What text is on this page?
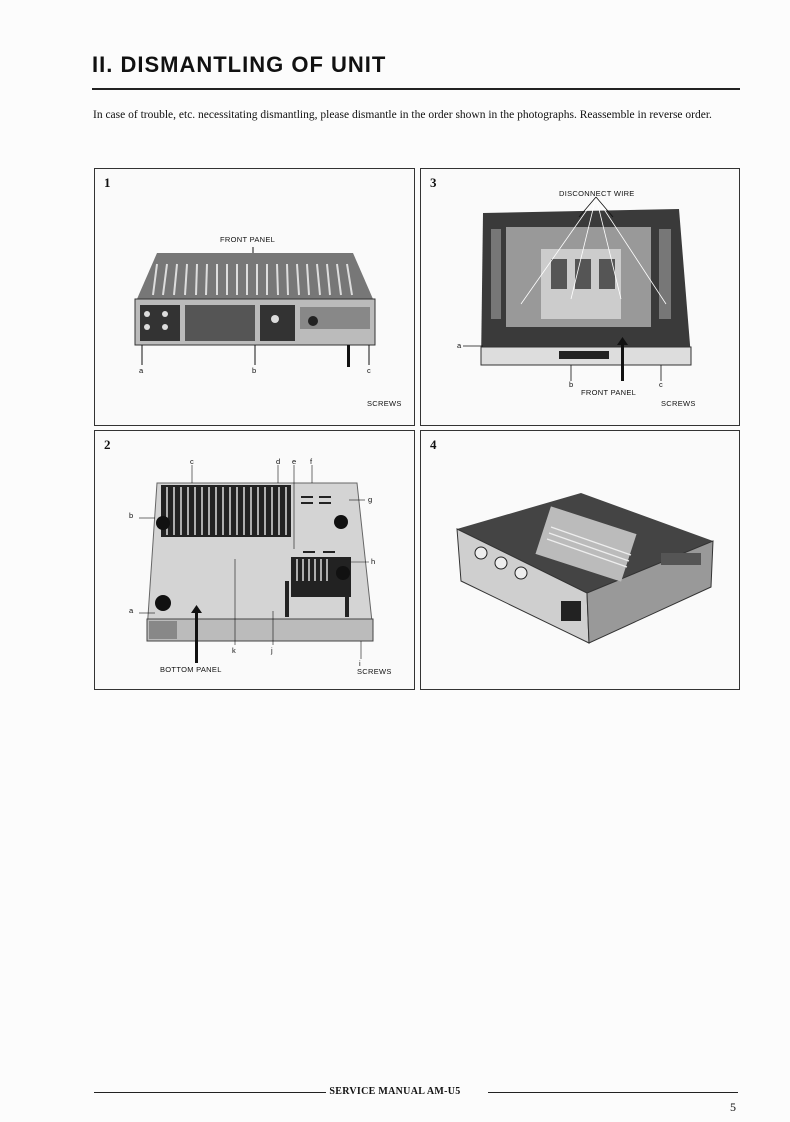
II. DISMANTLING OF UNIT
In case of trouble, etc. necessitating dismantling, please dismantle in the order shown in the photographs. Reassemble in reverse order.
1
FRONT PANEL
a	b	c
SCREWS
3
DISCONNECT WIRE
a
b	c
FRONT PANEL
SCREWS
2
a
b
c	d e f
g
h
i
j
k
BOTTOM PANEL	SCREWS
4
SERVICE MANUAL AM-U5
5
